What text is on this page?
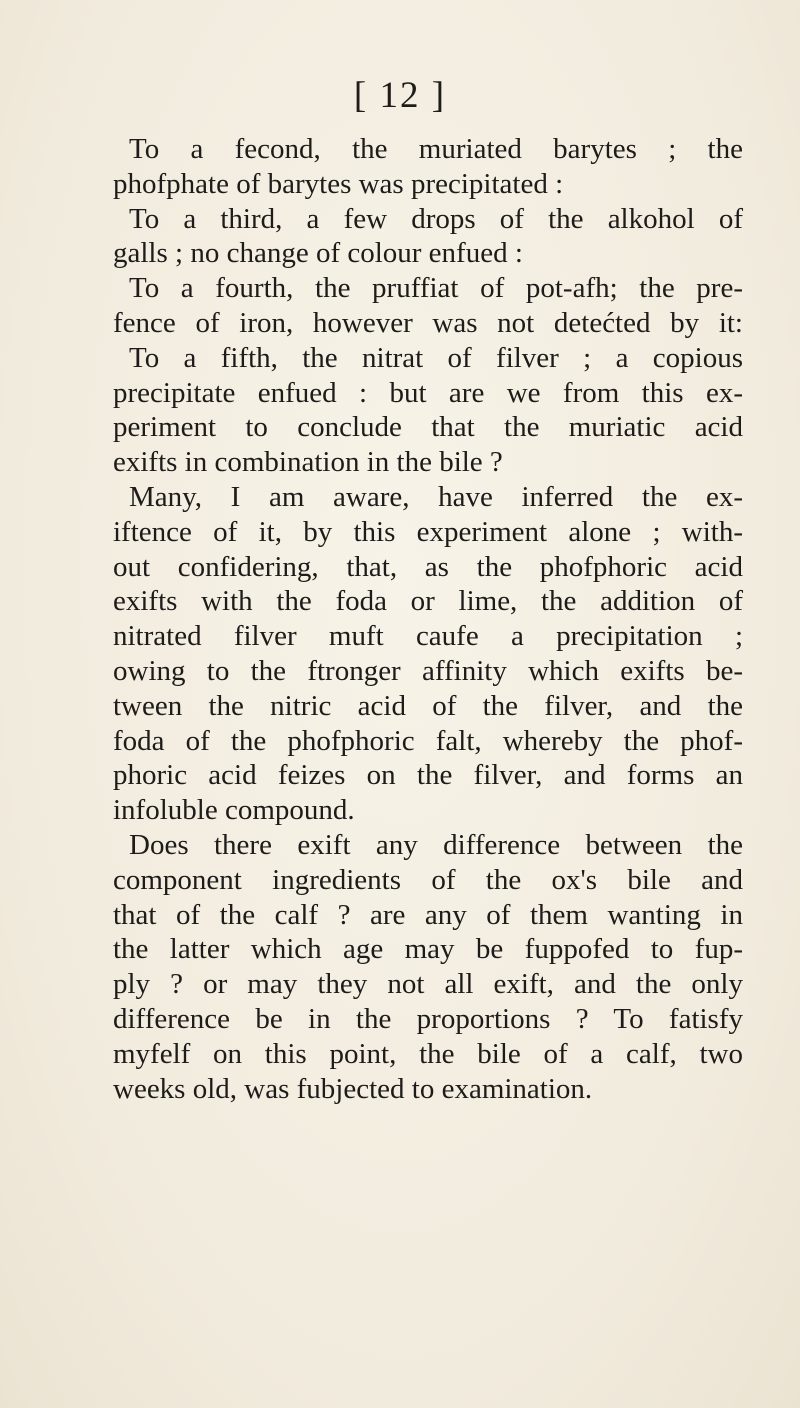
[ 12 ]
To a fecond, the muriated barytes ; the
phofphate of barytes was precipitated :
To a third, a few drops of the alkohol of
galls ; no change of colour enfued :
To a fourth, the pruffiat of pot-afh; the pre-
fence of iron, however was not detećted by it:
To a fifth, the nitrat of filver ; a copious
precipitate enfued : but are we from this ex-
periment to conclude that the muriatic acid
exifts in combination in the bile ?
Many, I am aware, have inferred the ex-
iftence of it, by this experiment alone ; with-
out confidering, that, as the phofphoric acid
exifts with the foda or lime, the addition of
nitrated filver muft caufe a precipitation ;
owing to the ftronger affinity which exifts be-
tween the nitric acid of the filver, and the
foda of the phofphoric falt, whereby the phof-
phoric acid feizes on the filver, and forms an
infoluble compound.
Does there exift any difference between the
component ingredients of the ox's bile and
that of the calf ? are any of them wanting in
the latter which age may be fuppofed to fup-
ply ? or may they not all exift, and the only
difference be in the proportions ? To fatisfy
myfelf on this point, the bile of a calf, two
weeks old, was fubjected to examination.
